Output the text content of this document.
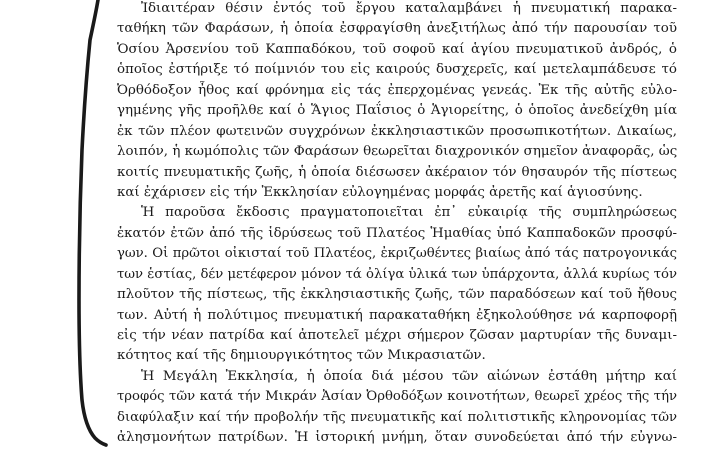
Ἰδιαιτέραν θέσιν ἐντός τοῦ ἔργου καταλαμβάνει ἡ πνευματική παρακα-
ταθήκη τῶν Φαράσων, ἡ ὁποία ἐσφραγίσθη ἀνεξιτήλως ἀπό τήν παρουσίαν τοῦ
Ὁσίου Ἀρσενίου τοῦ Καππαδόκου, τοῦ σοφοῦ καί ἁγίου πνευματικοῦ ἀνδρός, ὁ
ὁποῖος ἐστήριξε τό ποίμνιόν του εἰς καιρούς δυσχερεῖς, καί μετελαμπάδευσε τό
Ὀρθόδοξον ἦθος καί φρόνημα εἰς τάς ἐπερχομένας γενεάς. Ἐκ τῆς αὐτῆς εὐλο-
γημένης γῆς προῆλθε καί ὁ Ἅγιος Παΐσιος ὁ Ἁγιορείτης, ὁ ὁποῖος ἀνεδείχθη μία
ἐκ τῶν πλέον φωτεινῶν συγχρόνων ἐκκλησιαστικῶν προσωπικοτήτων. Δικαίως,
λοιπόν, ἡ κωμόπολις τῶν Φαράσων θεωρεῖται διαχρονικόν σημεῖον ἀναφορᾶς, ὡς
κοιτίς πνευματικῆς ζωῆς, ἡ ὁποία διέσωσεν ἀκέραιον τόν θησαυρόν τῆς πίστεως
καί ἐχάρισεν εἰς τήν Ἐκκλησίαν εὐλογημένας μορφάς ἀρετῆς καί ἁγιοσύνης.

Ἡ παροῦσα ἔκδοσις πραγματοποιεῖται ἐπ᾽ εὐκαιρίᾳ τῆς συμπληρώσεως
ἑκατόν ἐτῶν ἀπό τῆς ἱδρύσεως τοῦ Πλατέος Ἡμαθίας ὑπό Καππαδοκῶν προσφύ-
γων. Οἱ πρῶτοι οἰκισταί τοῦ Πλατέος, ἐκριζωθέντες βιαίως ἀπό τάς πατρογονικάς
των ἑστίας, δέν μετέφερον μόνον τά ὀλίγα ὑλικά των ὑπάρχοντα, ἀλλά κυρίως τόν
πλοῦτον τῆς πίστεως, τῆς ἐκκλησιαστικῆς ζωῆς, τῶν παραδόσεων καί τοῦ ἤθους
των. Αὐτή ἡ πολύτιμος πνευματική παρακαταθήκη ἐξηκολούθησε νά καρποφορῇ
εἰς τήν νέαν πατρίδα καί ἀποτελεῖ μέχρι σήμερον ζῶσαν μαρτυρίαν τῆς δυναμι-
κότητος καί τῆς δημιουργικότητος τῶν Μικρασιατῶν.

Ἡ Μεγάλη Ἐκκλησία, ἡ ὁποία διά μέσου τῶν αἰώνων ἐστάθη μήτηρ καί
τροφός τῶν κατά τήν Μικράν Ἀσίαν Ὀρθοδόξων κοινοτήτων, θεωρεῖ χρέος τῆς τήν
διαφύλαξιν καί τήν προβολήν τῆς πνευματικῆς καί πολιτιστικῆς κληρονομίας τῶν
ἀλησμονήτων πατρίδων. Ἡ ἱστορική μνήμη, ὅταν συνοδεύεται ἀπό τήν εὐγνω-
